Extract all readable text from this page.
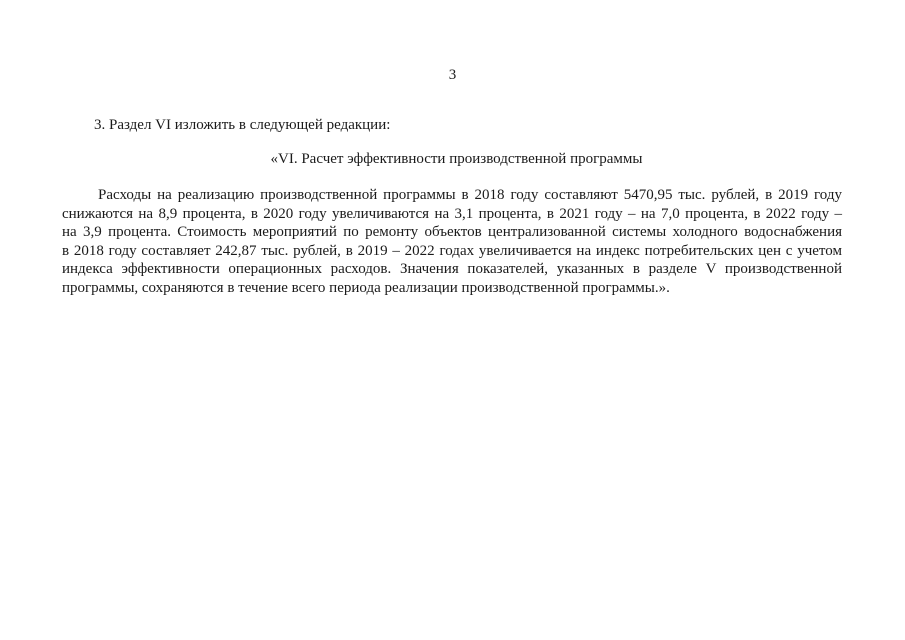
3
3. Раздел VI изложить в следующей редакции:
«VI. Расчет эффективности производственной программы
Расходы на реализацию производственной программы в 2018 году составляют 5470,95 тыс. рублей, в 2019 году
снижаются на 8,9 процента, в 2020 году увеличиваются на 3,1 процента, в 2021 году – на 7,0 процента, в 2022 году –
на 3,9 процента. Стоимость мероприятий по ремонту объектов централизованной системы холодного водоснабжения
в 2018 году составляет 242,87 тыс. рублей, в 2019 – 2022 годах увеличивается на индекс потребительских цен с учетом
индекса эффективности операционных расходов. Значения показателей, указанных в разделе V производственной
программы, сохраняются в течение всего периода реализации производственной программы.».
